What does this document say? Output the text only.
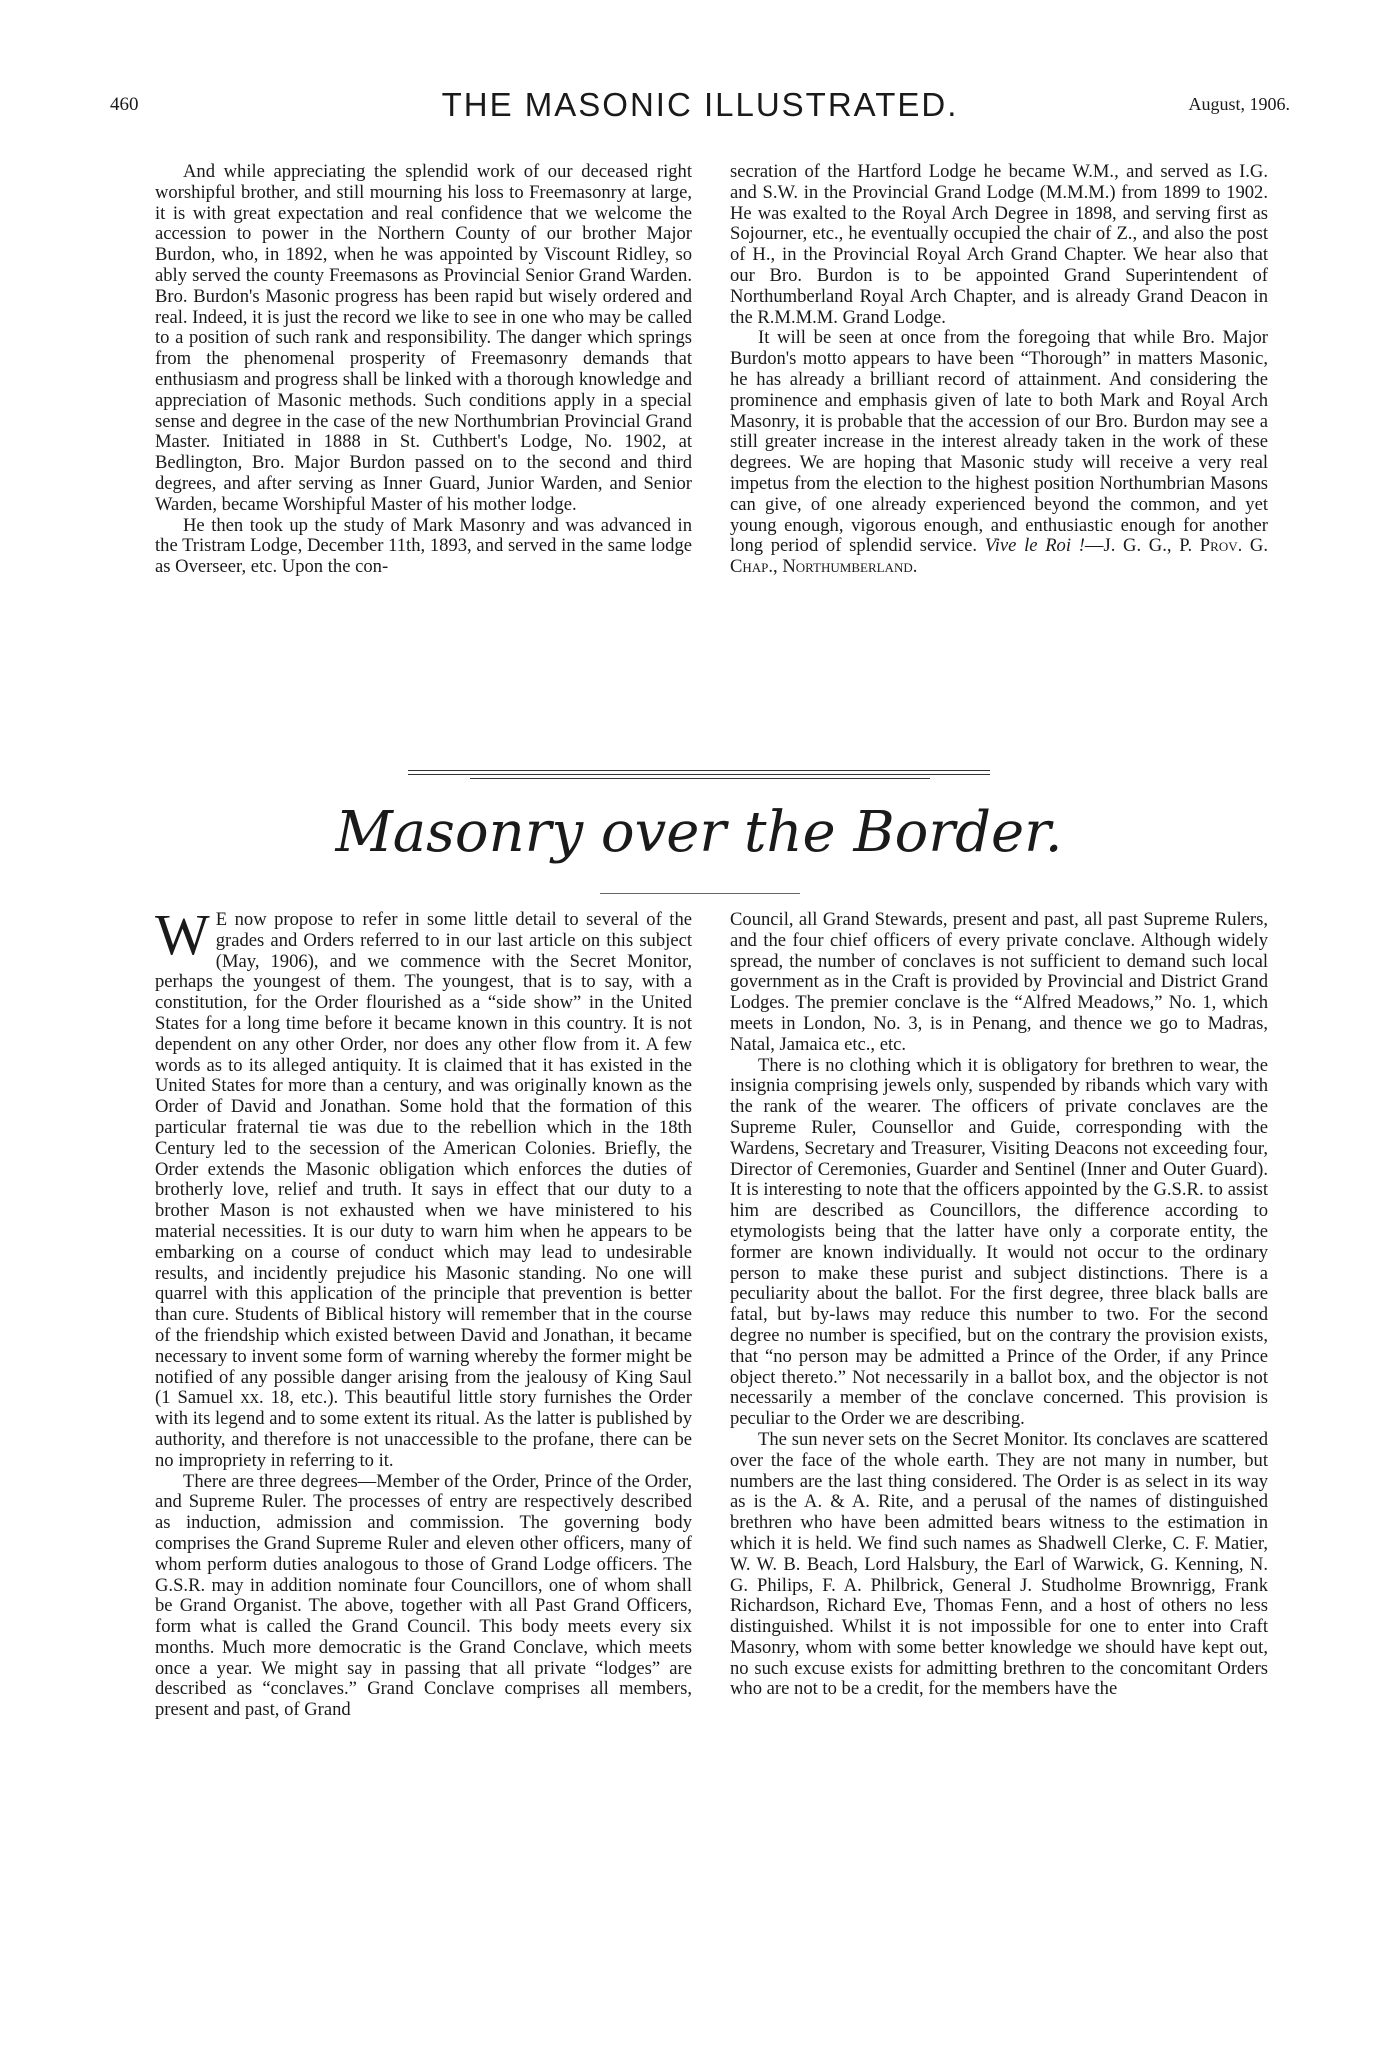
460	THE MASONIC ILLUSTRATED.	August, 1906.

And while appreciating the splendid work of our deceased right worshipful brother, and still mourning his loss to Freemasonry at large, it is with great expectation and real confidence that we welcome the accession to power in the Northern County of our brother Major Burdon, who, in 1892, when he was appointed by Viscount Ridley, so ably served the county Freemasons as Provincial Senior Grand Warden. Bro. Burdon's Masonic progress has been rapid but wisely ordered and real. Indeed, it is just the record we like to see in one who may be called to a position of such rank and responsibility. The danger which springs from the phenomenal prosperity of Freemasonry demands that enthusiasm and progress shall be linked with a thorough knowledge and appreciation of Masonic methods. Such conditions apply in a special sense and degree in the case of the new Northumbrian Provincial Grand Master. Initiated in 1888 in St. Cuthbert's Lodge, No. 1902, at Bedlington, Bro. Major Burdon passed on to the second and third degrees, and after serving as Inner Guard, Junior Warden, and Senior Warden, became Worshipful Master of his mother lodge.

He then took up the study of Mark Masonry and was advanced in the Tristram Lodge, December 11th, 1893, and served in the same lodge as Overseer, etc. Upon the con-

secration of the Hartford Lodge he became W.M., and served as I.G. and S.W. in the Provincial Grand Lodge (M.M.M.) from 1899 to 1902. He was exalted to the Royal Arch Degree in 1898, and serving first as Sojourner, etc., he eventually occupied the chair of Z., and also the post of H., in the Provincial Royal Arch Grand Chapter. We hear also that our Bro. Burdon is to be appointed Grand Superintendent of Northumberland Royal Arch Chapter, and is already Grand Deacon in the R.M.M.M. Grand Lodge.

It will be seen at once from the foregoing that while Bro. Major Burdon's motto appears to have been “Thorough” in matters Masonic, he has already a brilliant record of attainment. And considering the prominence and emphasis given of late to both Mark and Royal Arch Masonry, it is probable that the accession of our Bro. Burdon may see a still greater increase in the interest already taken in the work of these degrees. We are hoping that Masonic study will receive a very real impetus from the election to the highest position Northumbrian Masons can give, of one already experienced beyond the common, and yet young enough, vigorous enough, and enthusiastic enough for another long period of splendid service. Vive le Roi !—J. G. G., P. Prov. G. Chap., Northumberland.

Masonry over the Border.

W E now propose to refer in some little detail to several of the grades and Orders referred to in our last article on this subject (May, 1906), and we commence with the Secret Monitor, perhaps the youngest of them. The youngest, that is to say, with a constitution, for the Order flourished as a “side show” in the United States for a long time before it became known in this country. It is not dependent on any other Order, nor does any other flow from it. A few words as to its alleged antiquity. It is claimed that it has existed in the United States for more than a century, and was originally known as the Order of David and Jonathan. Some hold that the formation of this particular fraternal tie was due to the rebellion which in the 18th Century led to the secession of the American Colonies. Briefly, the Order extends the Masonic obligation which enforces the duties of brotherly love, relief and truth. It says in effect that our duty to a brother Mason is not exhausted when we have ministered to his material necessities. It is our duty to warn him when he appears to be embarking on a course of conduct which may lead to undesirable results, and incidently prejudice his Masonic standing. No one will quarrel with this application of the principle that prevention is better than cure. Students of Biblical history will remember that in the course of the friendship which existed between David and Jonathan, it became necessary to invent some form of warning whereby the former might be notified of any possible danger arising from the jealousy of King Saul (1 Samuel xx. 18, etc.). This beautiful little story furnishes the Order with its legend and to some extent its ritual. As the latter is published by authority, and therefore is not unaccessible to the profane, there can be no impropriety in referring to it.

There are three degrees—Member of the Order, Prince of the Order, and Supreme Ruler. The processes of entry are respectively described as induction, admission and commission. The governing body comprises the Grand Supreme Ruler and eleven other officers, many of whom perform duties analogous to those of Grand Lodge officers. The G.S.R. may in addition nominate four Councillors, one of whom shall be Grand Organist. The above, together with all Past Grand Officers, form what is called the Grand Council. This body meets every six months. Much more democratic is the Grand Conclave, which meets once a year. We might say in passing that all private “lodges” are described as “conclaves.” Grand Conclave comprises all members, present and past, of Grand

Council, all Grand Stewards, present and past, all past Supreme Rulers, and the four chief officers of every private conclave. Although widely spread, the number of conclaves is not sufficient to demand such local government as in the Craft is provided by Provincial and District Grand Lodges. The premier conclave is the “Alfred Meadows,” No. 1, which meets in London, No. 3, is in Penang, and thence we go to Madras, Natal, Jamaica etc., etc.

There is no clothing which it is obligatory for brethren to wear, the insignia comprising jewels only, suspended by ribands which vary with the rank of the wearer. The officers of private conclaves are the Supreme Ruler, Counsellor and Guide, corresponding with the Wardens, Secretary and Treasurer, Visiting Deacons not exceeding four, Director of Ceremonies, Guarder and Sentinel (Inner and Outer Guard). It is interesting to note that the officers appointed by the G.S.R. to assist him are described as Councillors, the difference according to etymologists being that the latter have only a corporate entity, the former are known individually. It would not occur to the ordinary person to make these purist and subject distinctions. There is a peculiarity about the ballot. For the first degree, three black balls are fatal, but by-laws may reduce this number to two. For the second degree no number is specified, but on the contrary the provision exists, that “no person may be admitted a Prince of the Order, if any Prince object thereto.” Not necessarily in a ballot box, and the objector is not necessarily a member of the conclave concerned. This provision is peculiar to the Order we are describing.

The sun never sets on the Secret Monitor. Its conclaves are scattered over the face of the whole earth. They are not many in number, but numbers are the last thing considered. The Order is as select in its way as is the A. & A. Rite, and a perusal of the names of distinguished brethren who have been admitted bears witness to the estimation in which it is held. We find such names as Shadwell Clerke, C. F. Matier, W. W. B. Beach, Lord Halsbury, the Earl of Warwick, G. Kenning, N. G. Philips, F. A. Philbrick, General J. Studholme Brownrigg, Frank Richardson, Richard Eve, Thomas Fenn, and a host of others no less distinguished. Whilst it is not impossible for one to enter into Craft Masonry, whom with some better knowledge we should have kept out, no such excuse exists for admitting brethren to the concomitant Orders who are not to be a credit, for the members have the
